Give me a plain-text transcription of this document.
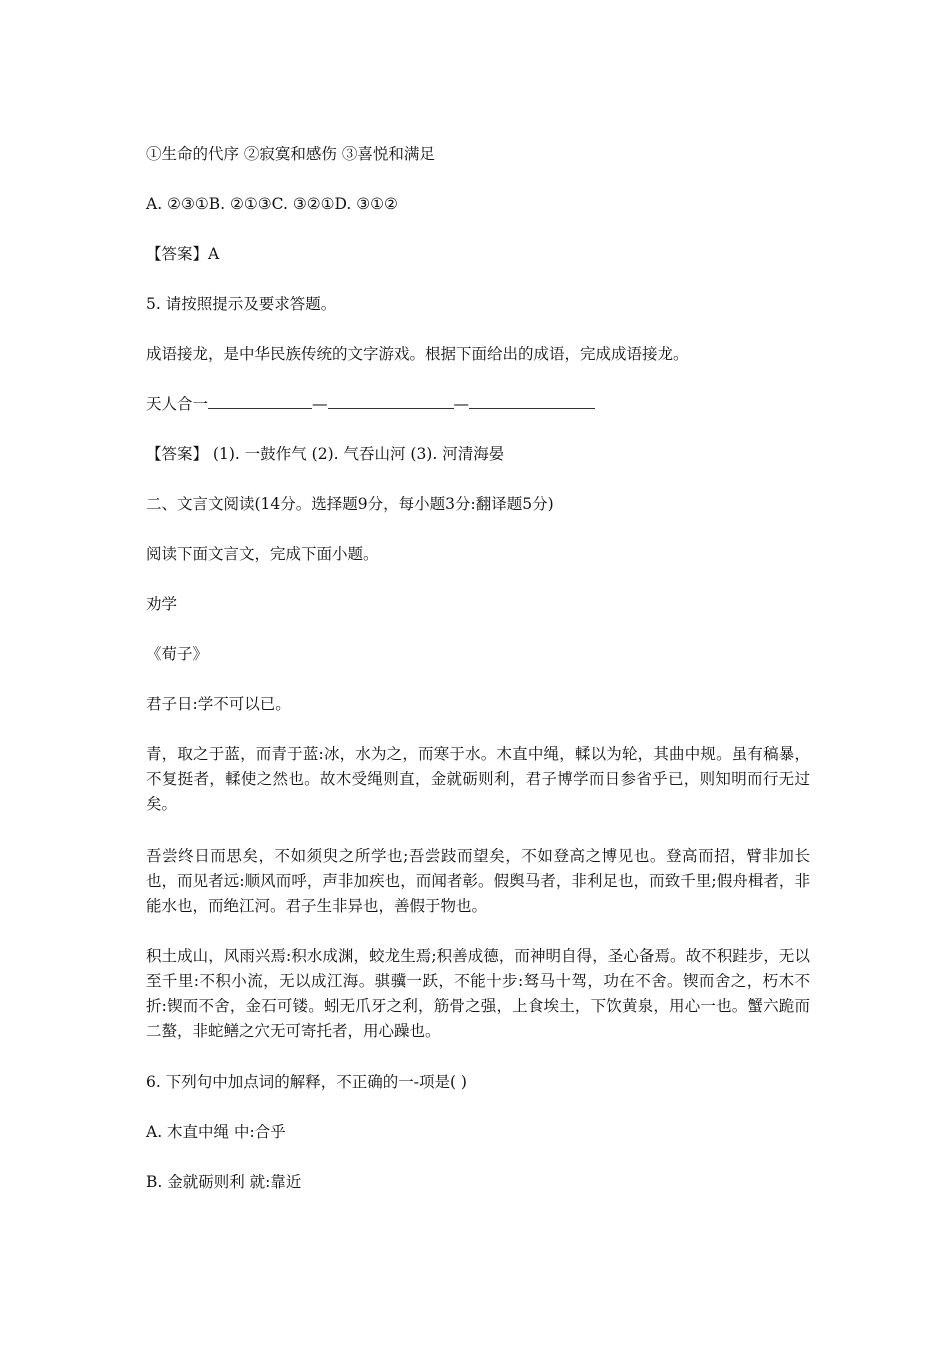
①生命的代序 ②寂寞和感伤 ③喜悦和满足

A. ②③①B. ②①③C. ③②①D. ③①②

【答案】A

5. 请按照提示及要求答题。

成语接龙，是中华民族传统的文字游戏。根据下面给出的成语，完成成语接龙。

天人合一	—	—

【答案】 (1). 一鼓作气 (2). 气吞山河 (3). 河清海晏

二、文言文阅读(14分。选择题9分，每小题3分:翻译题5分)

阅读下面文言文，完成下面小题。

劝学

《荀子》

君子日:学不可以已。

青，取之于蓝，而青于蓝:冰，水为之，而寒于水。木直中绳，輮以为轮，其曲中规。虽有稿暴，不复挺者，輮使之然也。故木受绳则直，金就砺则利，君子博学而日参省乎已，则知明而行无过矣。

吾尝终日而思矣，不如须臾之所学也;吾尝跂而望矣，不如登高之博见也。登高而招，臂非加长也，而见者远:顺风而呼，声非加疾也，而闻者彰。假舆马者，非利足也，而致千里;假舟楫者，非能水也，而绝江河。君子生非异也，善假于物也。

积土成山，风雨兴焉:积水成渊，蛟龙生焉;积善成德，而神明自得，圣心备焉。故不积跬步，无以至千里:不积小流，无以成江海。骐骥一跃，不能十步:驽马十驾，功在不舍。锲而舍之，朽木不折:锲而不舍，金石可镂。蚓无爪牙之利，筋骨之强，上食埃土，下饮黄泉，用心一也。蟹六跪而二螯，非蛇鳝之穴无可寄托者，用心躁也。

6. 下列句中加点词的解释，不正确的一-项是( )

A. 木直中绳 中:合乎

B. 金就砺则利 就:靠近
